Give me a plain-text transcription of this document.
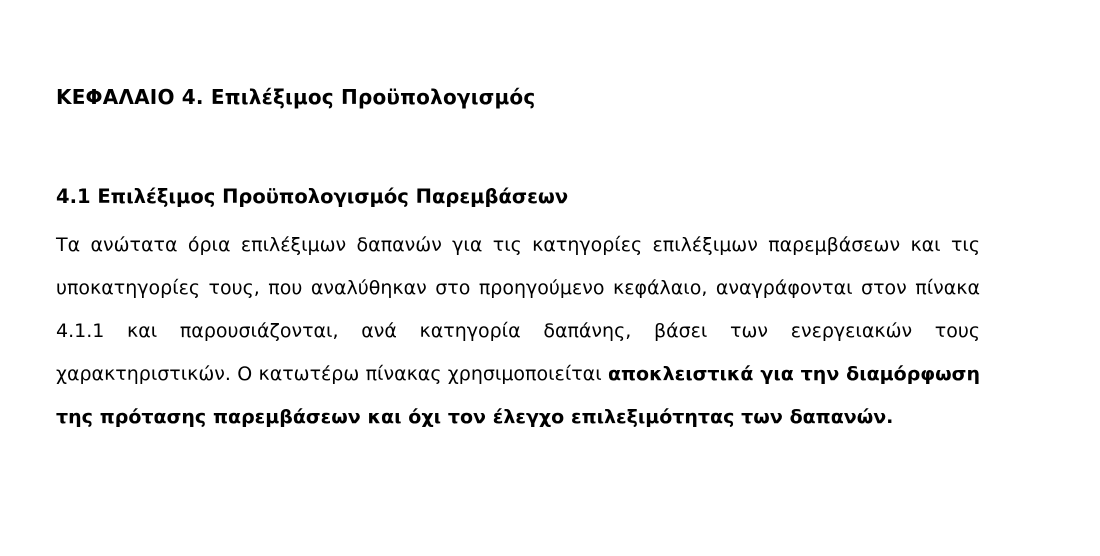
ΚΕΦΑΛΑΙΟ 4. Επιλέξιμος Προϋπολογισμός
4.1 Επιλέξιμος Προϋπολογισμός Παρεμβάσεων

Τα ανώτατα όρια επιλέξιμων δαπανών για τις κατηγορίες επιλέξιμων παρεμβάσεων και τις υποκατηγορίες τους, που αναλύθηκαν στο προηγούμενο κεφάλαιο, αναγράφονται στον πίνακα 4.1.1 και παρουσιάζονται, ανά κατηγορία δαπάνης, βάσει των ενεργειακών τους χαρακτηριστικών. Ο κατωτέρω πίνακας χρησιμοποιείται αποκλειστικά για την διαμόρφωση της πρότασης παρεμβάσεων και όχι τον έλεγχο επιλεξιμότητας των δαπανών.
